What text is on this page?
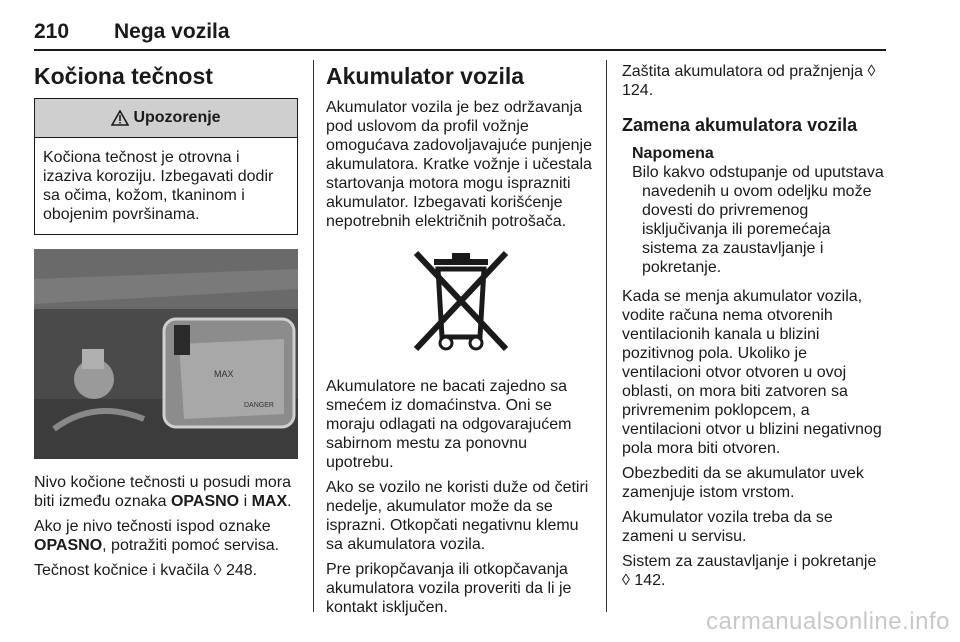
210 Nega vozila
Kočiona tečnost
Upozorenje
Kočiona tečnost je otrovna i izaziva koroziju. Izbegavati dodir sa očima, kožom, tkaninom i obojenim površinama.
MAX
DANGER

Nivo kočione tečnosti u posudi mora biti između oznaka OPASNO i MAX.

Ako je nivo tečnosti ispod oznake OPASNO, potražiti pomoć servisa.

Tečnost kočnice i kvačila ◊ 248.

Akumulator vozila

Akumulator vozila je bez održavanja pod uslovom da profil vožnje omogućava zadovoljavajuće punjenje akumulatora. Kratke vožnje i učestala startovanja motora mogu isprazniti akumulator. Izbegavati korišćenje nepotrebnih električnih potrošača.

Akumulatore ne bacati zajedno sa smećem iz domaćinstva. Oni se moraju odlagati na odgovarajućem sabirnom mestu za ponovnu upotrebu.

Ako se vozilo ne koristi duže od četiri nedelje, akumulator može da se isprazni. Otkopčati negativnu klemu sa akumulatora vozila.

Pre prikopčavanja ili otkopčavanja akumulatora vozila proveriti da li je kontakt isključen.

Zaštita akumulatora od pražnjenja ◊ 124.

Zamena akumulatora vozila
Napomena
Bilo kakvo odstupanje od uputstava
navedenih u ovom odeljku može dovesti do privremenog isključivanja ili poremećaja sistema za zaustavljanje i pokretanje.

Kada se menja akumulator vozila, vodite računa nema otvorenih ventilacionih kanala u blizini pozitivnog pola. Ukoliko je ventilacioni otvor otvoren u ovoj oblasti, on mora biti zatvoren sa privremenim poklopcem, a ventilacioni otvor u blizini negativnog pola mora biti otvoren.

Obezbediti da se akumulator uvek zamenjuje istom vrstom.

Akumulator vozila treba da se zameni u servisu.

Sistem za zaustavljanje i pokretanje ◊ 142.

carmanualsonline.info
